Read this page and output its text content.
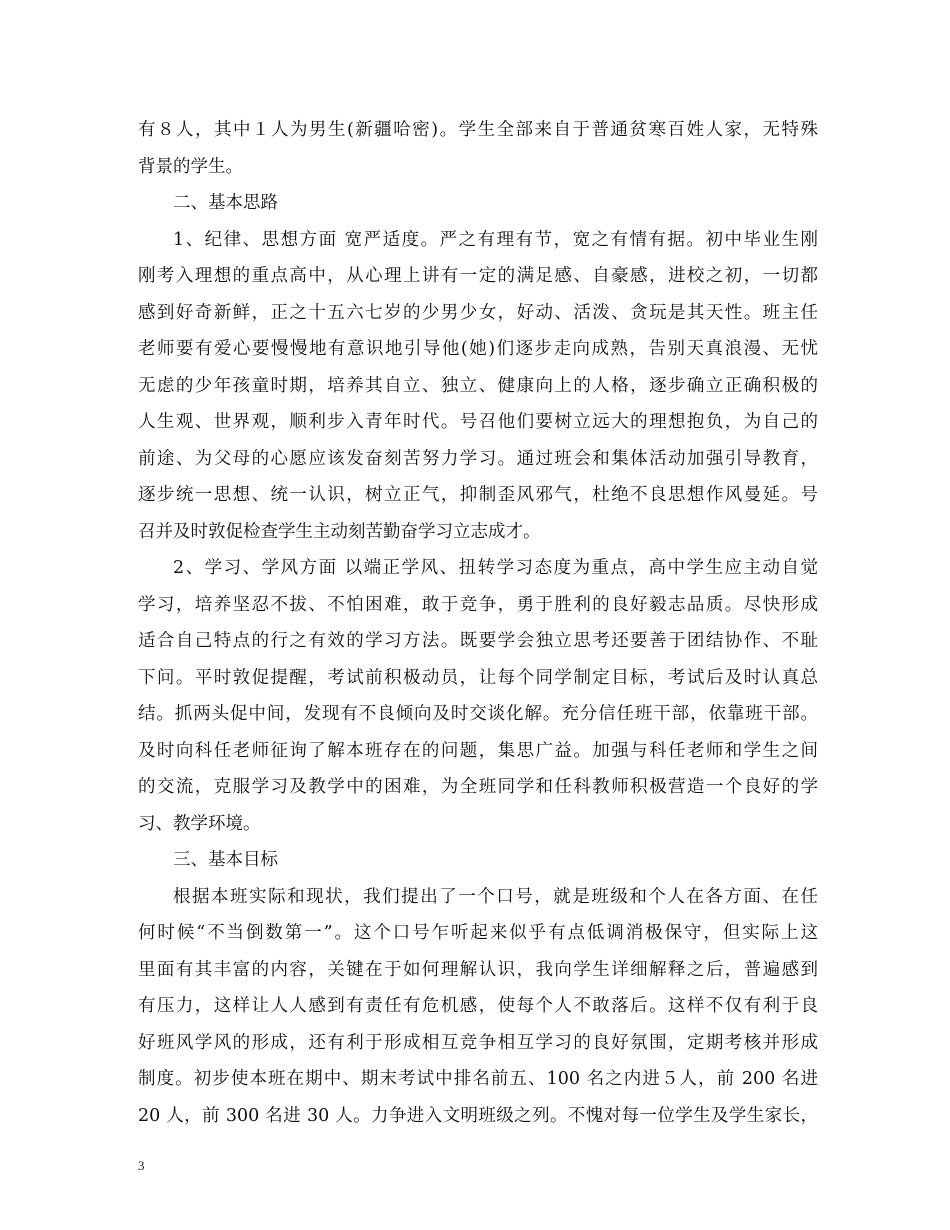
有８人，其中１人为男生(新疆哈密)。学生全部来自于普通贫寒百姓人家，无特殊
背景的学生。
二、基本思路
1、纪律、思想方面 宽严适度。严之有理有节，宽之有情有据。初中毕业生刚
刚考入理想的重点高中，从心理上讲有一定的满足感、自豪感，进校之初，一切都
感到好奇新鲜，正之十五六七岁的少男少女，好动、活泼、贪玩是其天性。班主任
老师要有爱心要慢慢地有意识地引导他(她)们逐步走向成熟，告别天真浪漫、无忧
无虑的少年孩童时期，培养其自立、独立、健康向上的人格，逐步确立正确积极的
人生观、世界观，顺利步入青年时代。号召他们要树立远大的理想抱负，为自己的
前途、为父母的心愿应该发奋刻苦努力学习。通过班会和集体活动加强引导教育，
逐步统一思想、统一认识，树立正气，抑制歪风邪气，杜绝不良思想作风曼延。号
召并及时敦促检查学生主动刻苦勤奋学习立志成才。
2、学习、学风方面 以端正学风、扭转学习态度为重点，高中学生应主动自觉
学习，培养坚忍不拔、不怕困难，敢于竞争，勇于胜利的良好毅志品质。尽快形成
适合自己特点的行之有效的学习方法。既要学会独立思考还要善于团结协作、不耻
下问。平时敦促提醒，考试前积极动员，让每个同学制定目标，考试后及时认真总
结。抓两头促中间，发现有不良倾向及时交谈化解。充分信任班干部，依靠班干部。
及时向科任老师征询了解本班存在的问题，集思广益。加强与科任老师和学生之间
的交流，克服学习及教学中的困难，为全班同学和任科教师积极营造一个良好的学
习、教学环境。
三、基本目标
根据本班实际和现状，我们提出了一个口号，就是班级和个人在各方面、在任
何时候“不当倒数第一”。这个口号乍听起来似乎有点低调消极保守，但实际上这
里面有其丰富的内容，关键在于如何理解认识，我向学生详细解释之后，普遍感到
有压力，这样让人人感到有责任有危机感，使每个人不敢落后。这样不仅有利于良
好班风学风的形成，还有利于形成相互竞争相互学习的良好氛围，定期考核并形成
制度。初步使本班在期中、期末考试中排名前五、100 名之内进５人，前 200 名进
20 人，前 300 名进 30 人。力争进入文明班级之列。不愧对每一位学生及学生家长，
3
